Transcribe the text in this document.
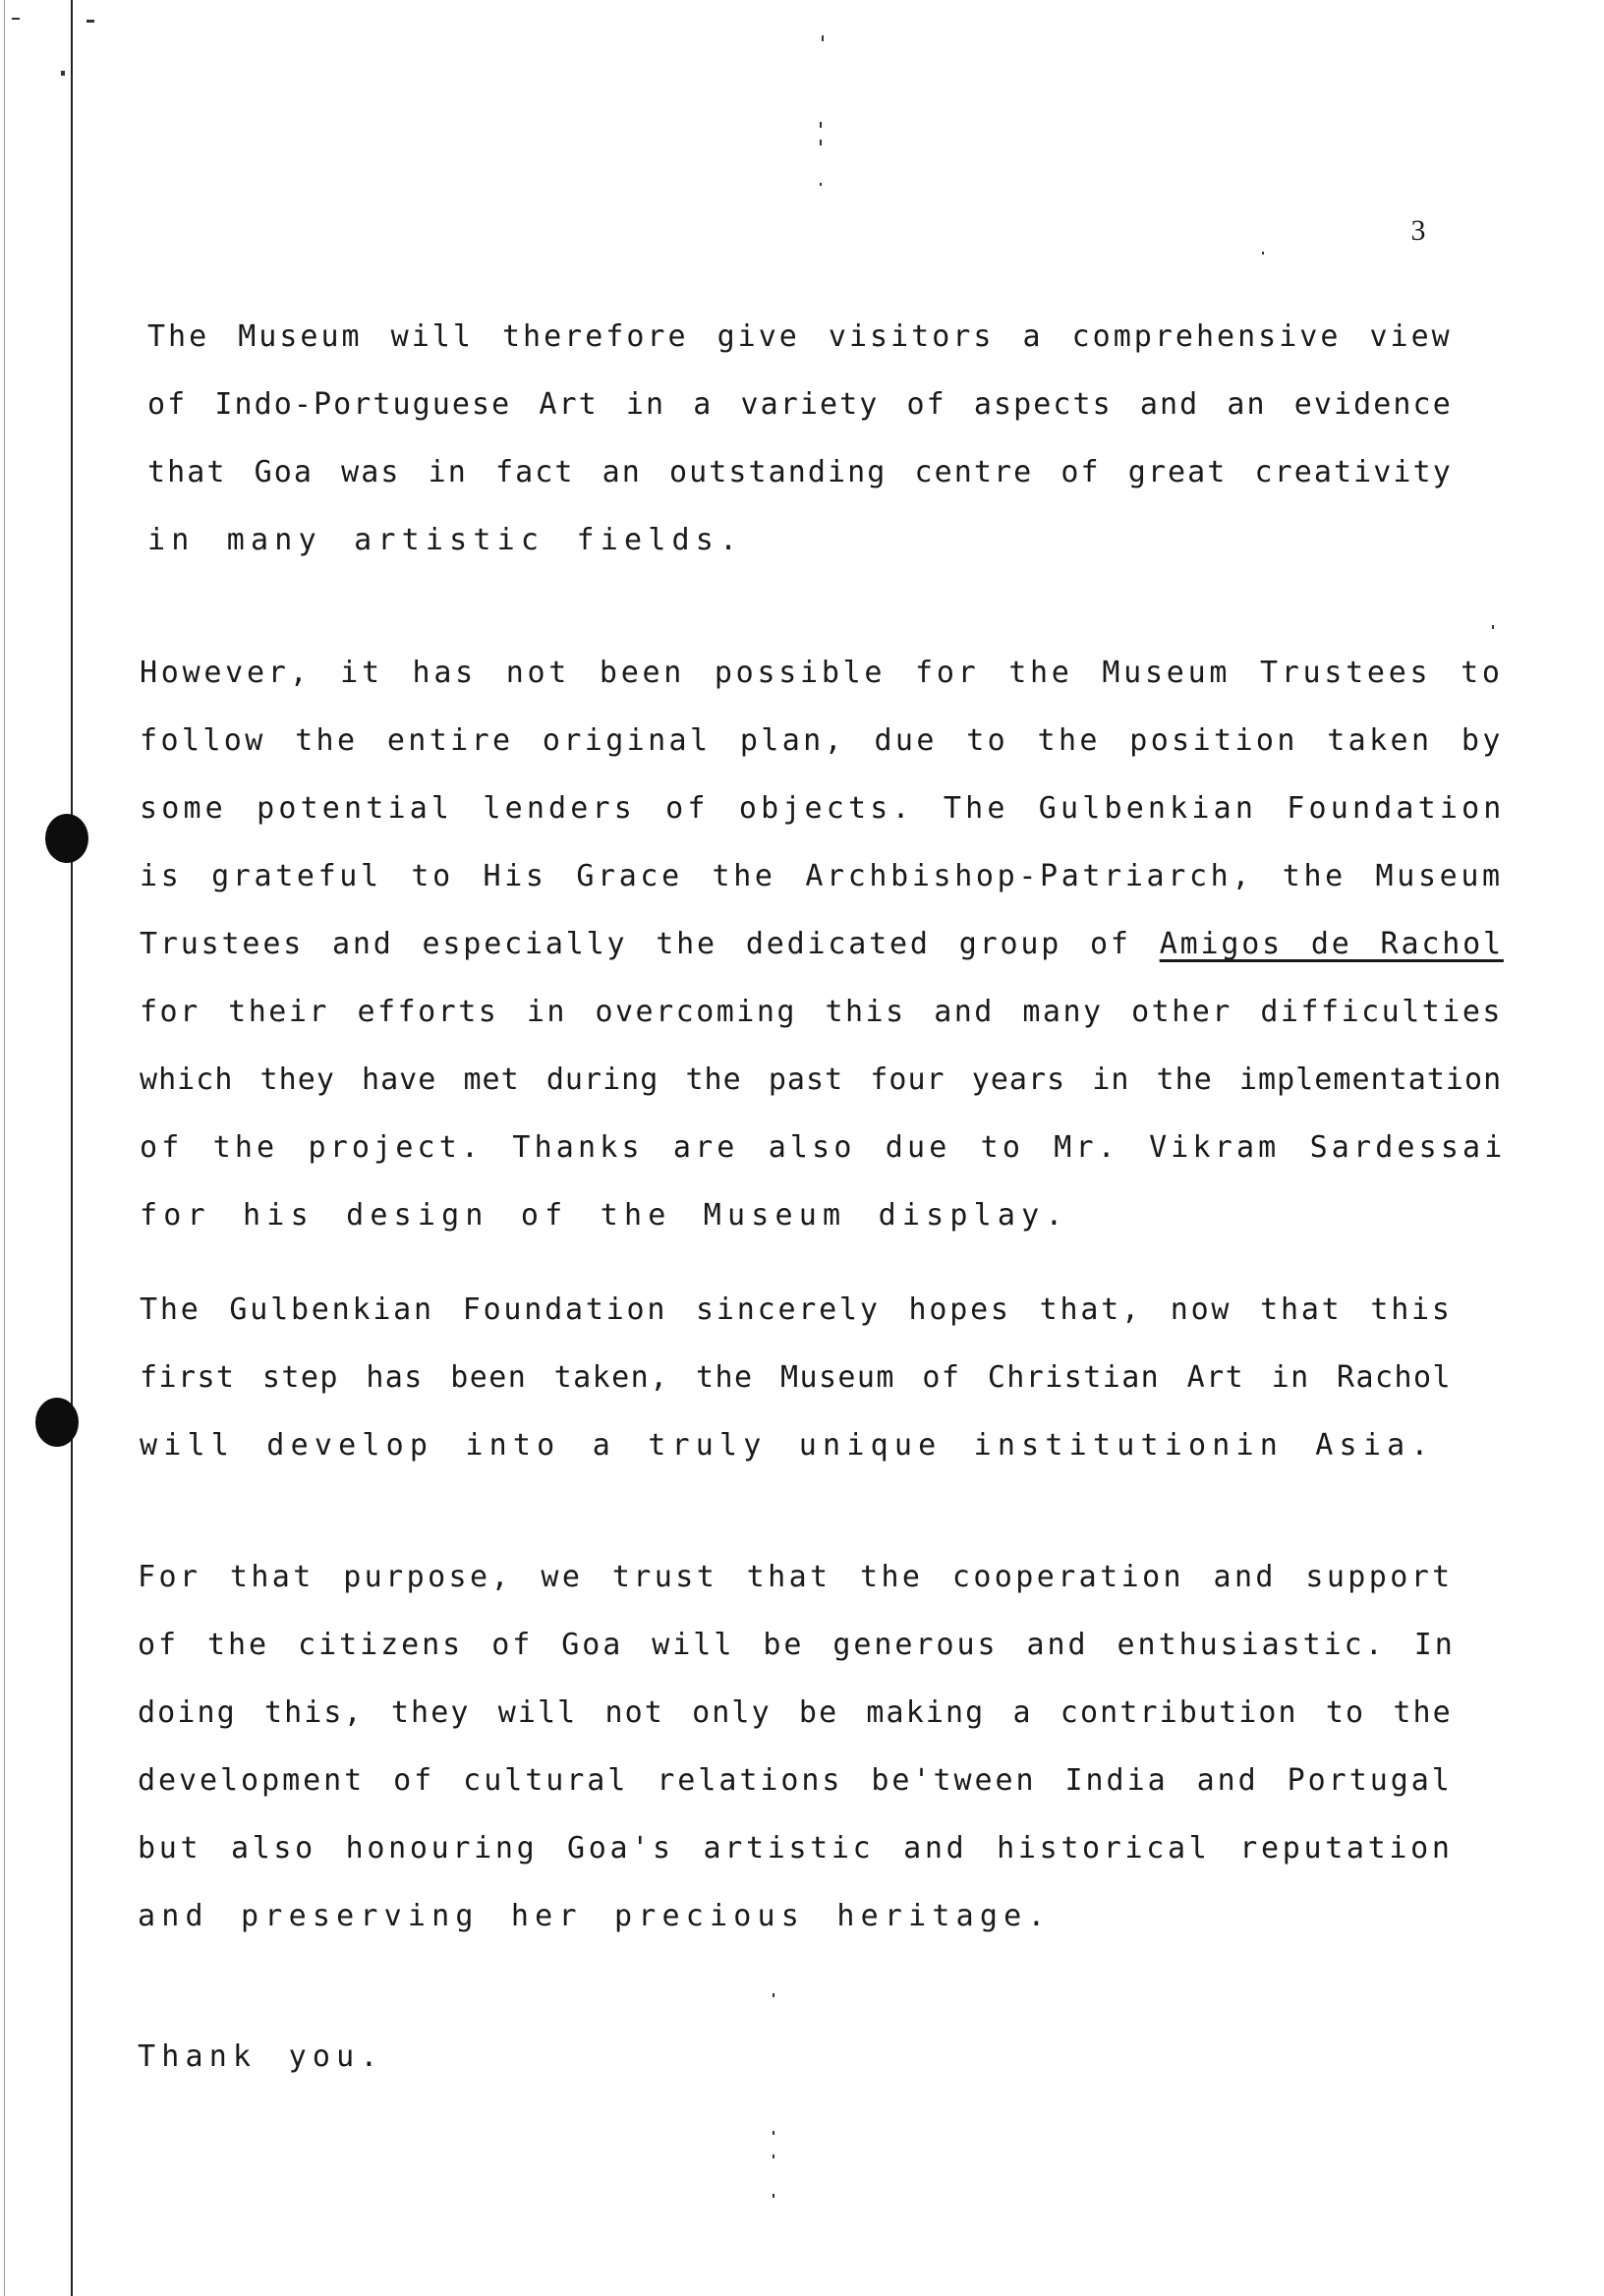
3
The Museum will therefore give visitors a comprehensive view
of Indo-Portuguese Art in a variety of aspects and an evidence
that Goa was in fact an outstanding centre of great creativity
in many artistic fields.
However, it has not been possible for the Museum Trustees to
follow the entire original plan, due to the position taken by
some potential lenders of objects. The Gulbenkian Foundation
is grateful to His Grace the Archbishop-Patriarch, the Museum
Trustees and especially the dedicated group of Amigos de Rachol
for their efforts in overcoming this and many other difficulties
which they have met during the past four years in the implementation
of the project. Thanks are also due to Mr. Vikram Sardessai
for his design of the Museum display.
The Gulbenkian Foundation sincerely hopes that, now that this
first step has been taken, the Museum of Christian Art in Rachol
will develop into a truly unique institutionin Asia.
For that purpose, we trust that the cooperation and support
of the citizens of Goa will be generous and enthusiastic. In
doing this, they will not only be making a contribution to the
development of cultural relations be'tween India and Portugal
but also honouring Goa's artistic and historical reputation
and preserving her precious heritage.
Thank you.
